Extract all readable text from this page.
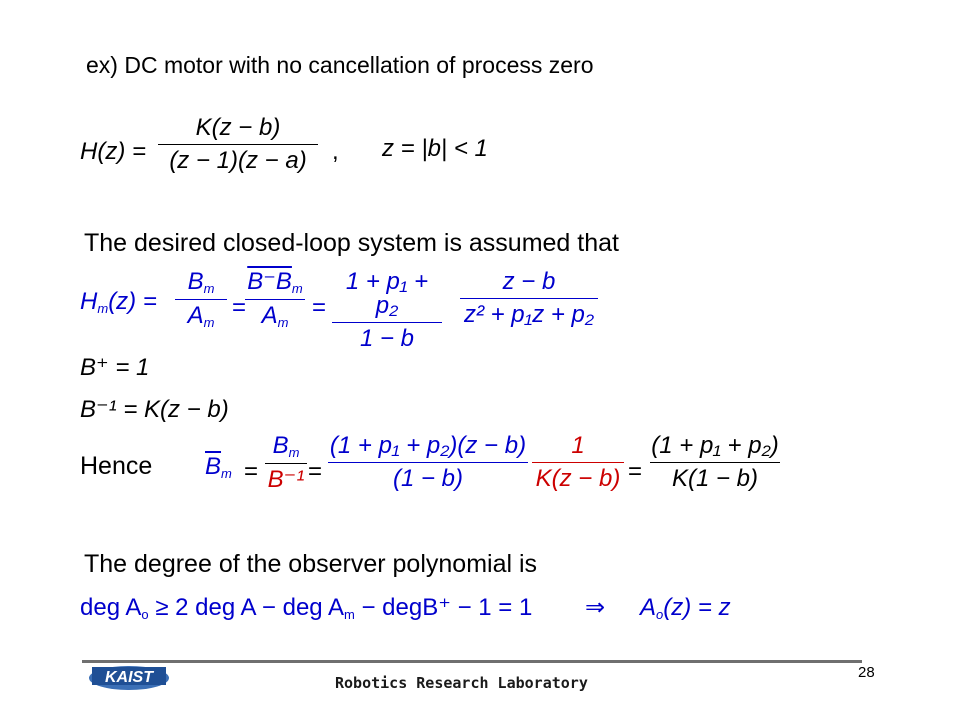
ex) DC motor with no cancellation of process zero
H(z) =
K(z − b)
(z − 1)(z − a)	, z = |b| < 1
The desired closed-loop system is assumed that
$H_m(z)$ =
$B_m$
$A_m$
=
$B^-B_m$
$A_m$
=
1 + p₁ + p₂
1 − b
z − b
z² + p₁z + p₂
B⁺ = 1
B⁻¹ = K(z − b)
Hence $\overline{B}_m$ =
$B_m$
B⁻¹ =
(1 + p₁ + p₂)(z − b)
(1 − b)
1
K(z − b) =
(1 + p₁ + p₂)
K(1 − b)
The degree of the observer polynomial is
deg $A_o \ge 2$ deg A − deg $A_m$ − degB⁺ − 1 = 1 ⇒ $A_o(z) = z$
KAIST	Robotics Research Laboratory
28
